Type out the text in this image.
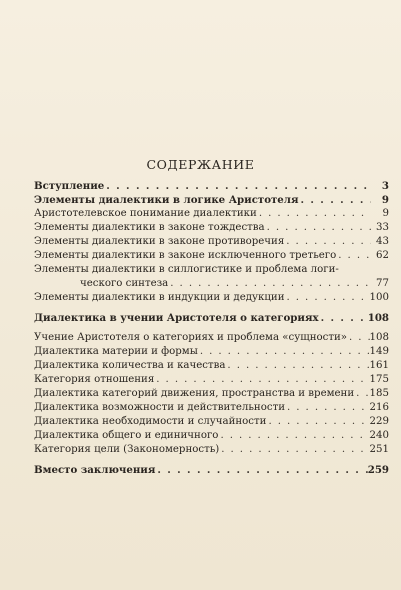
СОДЕРЖАНИЕ
Вступление . . .	3
Элементы диалектики в логике Аристотеля . . .	9
Аристотелевское понимание диалектики . . .	9
Элементы диалектики в законе тождества . . .	33
Элементы диалектики в законе противоречия . . .	43
Элементы диалектики в законе исключенного третьего . . .	62
Элементы диалектики в силлогистике и проблема логи-
ческого синтеза . . .	77
Элементы диалектики в индукции и дедукции . . .	100
Диалектика в учении Аристотеля о категориях . . .	108
Учение Аристотеля о категориях и проблема «сущности» . . . 108
Диалектика материи и формы . . .	149
Диалектика количества и качества . . .	161
Категория отношения . . .	175
Диалектика категорий движения, пространства и времени . . . 185
Диалектика возможности и действительности . . .	216
Диалектика необходимости и случайности . . .	229
Диалектика общего и единичного . . .	240
Категория цели (Закономерность) . . .	251
Вместо заключения . . .	259
